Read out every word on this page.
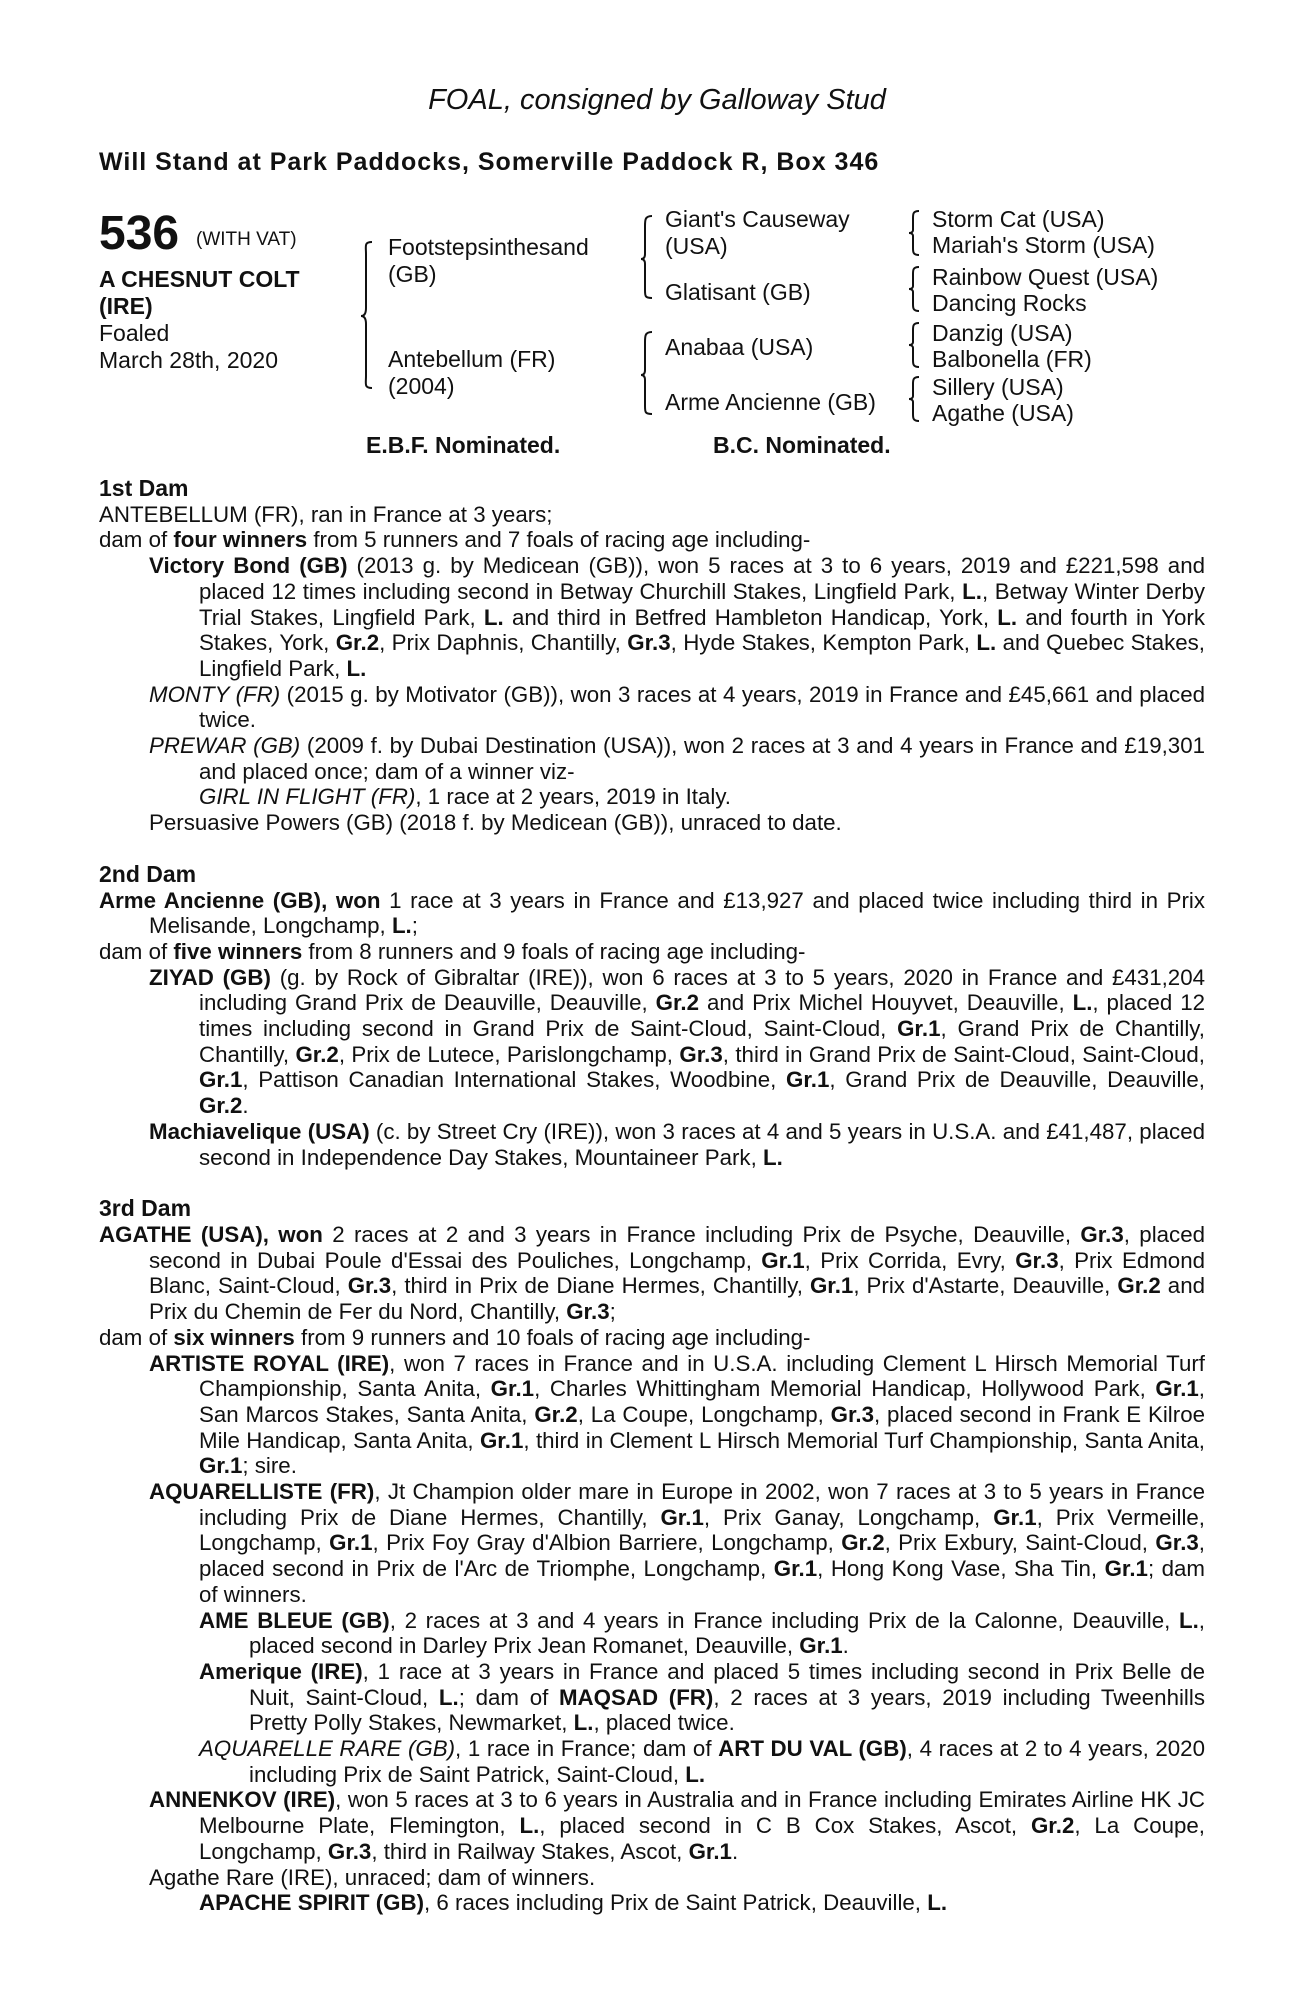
FOAL, consigned by Galloway Stud
Will Stand at Park Paddocks, Somerville Paddock R, Box 346
536 (WITH VAT)
A CHESNUT COLT
(IRE)
Foaled
March 28th, 2020
Footstepsinthesand
(GB)
Antebellum (FR)
(2004)
Giant's Causeway
(USA)
Glatisant (GB)
Anabaa (USA)
Arme Ancienne (GB)
Storm Cat (USA)
Mariah's Storm (USA)
Rainbow Quest (USA)
Dancing Rocks
Danzig (USA)
Balbonella (FR)
Sillery (USA)
Agathe (USA)
E.B.F. Nominated.	B.C. Nominated.

1st Dam

ANTEBELLUM (FR), ran in France at 3 years;

dam of four winners from 5 runners and 7 foals of racing age including-

Victory Bond (GB) (2013 g. by Medicean (GB)), won 5 races at 3 to 6 years, 2019 and £221,598 and placed 12 times including second in Betway Churchill Stakes, Lingfield Park, L., Betway Winter Derby Trial Stakes, Lingfield Park, L. and third in Betfred Hambleton Handicap, York, L. and fourth in York Stakes, York, Gr.2, Prix Daphnis, Chantilly, Gr.3, Hyde Stakes, Kempton Park, L. and Quebec Stakes, Lingfield Park, L.

MONTY (FR) (2015 g. by Motivator (GB)), won 3 races at 4 years, 2019 in France and £45,661 and placed twice.

PREWAR (GB) (2009 f. by Dubai Destination (USA)), won 2 races at 3 and 4 years in France and £19,301 and placed once; dam of a winner viz-

GIRL IN FLIGHT (FR), 1 race at 2 years, 2019 in Italy.

Persuasive Powers (GB) (2018 f. by Medicean (GB)), unraced to date.

2nd Dam

Arme Ancienne (GB), won 1 race at 3 years in France and £13,927 and placed twice including third in Prix Melisande, Longchamp, L.;

dam of five winners from 8 runners and 9 foals of racing age including-

ZIYAD (GB) (g. by Rock of Gibraltar (IRE)), won 6 races at 3 to 5 years, 2020 in France and £431,204 including Grand Prix de Deauville, Deauville, Gr.2 and Prix Michel Houyvet, Deauville, L., placed 12 times including second in Grand Prix de Saint-Cloud, Saint-Cloud, Gr.1, Grand Prix de Chantilly, Chantilly, Gr.2, Prix de Lutece, Parislongchamp, Gr.3, third in Grand Prix de Saint-Cloud, Saint-Cloud, Gr.1, Pattison Canadian International Stakes, Woodbine, Gr.1, Grand Prix de Deauville, Deauville, Gr.2.

Machiavelique (USA) (c. by Street Cry (IRE)), won 3 races at 4 and 5 years in U.S.A. and £41,487, placed second in Independence Day Stakes, Mountaineer Park, L.

3rd Dam

AGATHE (USA), won 2 races at 2 and 3 years in France including Prix de Psyche, Deauville, Gr.3, placed second in Dubai Poule d'Essai des Pouliches, Longchamp, Gr.1, Prix Corrida, Evry, Gr.3, Prix Edmond Blanc, Saint-Cloud, Gr.3, third in Prix de Diane Hermes, Chantilly, Gr.1, Prix d'Astarte, Deauville, Gr.2 and Prix du Chemin de Fer du Nord, Chantilly, Gr.3;

dam of six winners from 9 runners and 10 foals of racing age including-

ARTISTE ROYAL (IRE), won 7 races in France and in U.S.A. including Clement L Hirsch Memorial Turf Championship, Santa Anita, Gr.1, Charles Whittingham Memorial Handicap, Hollywood Park, Gr.1, San Marcos Stakes, Santa Anita, Gr.2, La Coupe, Longchamp, Gr.3, placed second in Frank E Kilroe Mile Handicap, Santa Anita, Gr.1, third in Clement L Hirsch Memorial Turf Championship, Santa Anita, Gr.1; sire.

AQUARELLISTE (FR), Jt Champion older mare in Europe in 2002, won 7 races at 3 to 5 years in France including Prix de Diane Hermes, Chantilly, Gr.1, Prix Ganay, Longchamp, Gr.1, Prix Vermeille, Longchamp, Gr.1, Prix Foy Gray d'Albion Barriere, Longchamp, Gr.2, Prix Exbury, Saint-Cloud, Gr.3, placed second in Prix de l'Arc de Triomphe, Longchamp, Gr.1, Hong Kong Vase, Sha Tin, Gr.1; dam of winners.

AME BLEUE (GB), 2 races at 3 and 4 years in France including Prix de la Calonne, Deauville, L., placed second in Darley Prix Jean Romanet, Deauville, Gr.1.

Amerique (IRE), 1 race at 3 years in France and placed 5 times including second in Prix Belle de Nuit, Saint-Cloud, L.; dam of MAQSAD (FR), 2 races at 3 years, 2019 including Tweenhills Pretty Polly Stakes, Newmarket, L., placed twice.

AQUARELLE RARE (GB), 1 race in France; dam of ART DU VAL (GB), 4 races at 2 to 4 years, 2020 including Prix de Saint Patrick, Saint-Cloud, L.

ANNENKOV (IRE), won 5 races at 3 to 6 years in Australia and in France including Emirates Airline HK JC Melbourne Plate, Flemington, L., placed second in C B Cox Stakes, Ascot, Gr.2, La Coupe, Longchamp, Gr.3, third in Railway Stakes, Ascot, Gr.1.

Agathe Rare (IRE), unraced; dam of winners.

APACHE SPIRIT (GB), 6 races including Prix de Saint Patrick, Deauville, L.
